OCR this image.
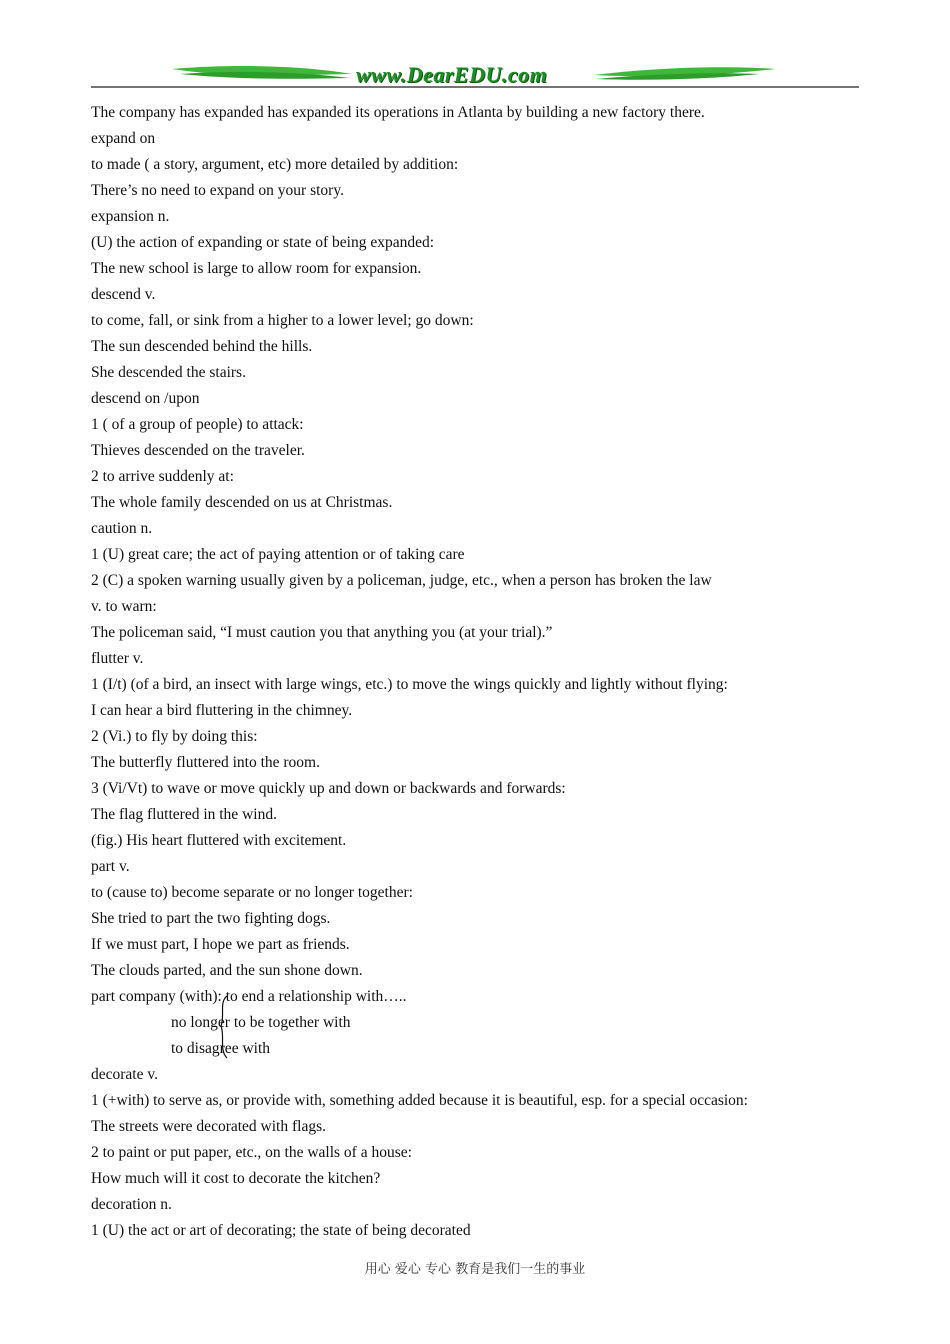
www.DearEDU.com
The company has expanded has expanded its operations in Atlanta by building a new factory there.
expand on
to made ( a story, argument, etc) more detailed by addition:
There’s no need to expand on your story.
expansion n.
(U) the action of expanding or state of being expanded:
The new school is large to allow room for expansion.
descend v.
to come, fall, or sink from a higher to a lower level; go down:
The sun descended behind the hills.
She descended the stairs.
descend on /upon
1 ( of a group of people) to attack:
Thieves descended on the traveler.
2 to arrive suddenly at:
The whole family descended on us at Christmas.
caution n.
1 (U) great care; the act of paying attention or of taking care
2 (C) a spoken warning usually given by a policeman, judge, etc., when a person has broken the law
v. to warn:
The policeman said, “I must caution you that anything you (at your trial).”
flutter v.
1 (I/t) (of a bird, an insect with large wings, etc.) to move the wings quickly and lightly without flying:
I can hear a bird fluttering in the chimney.
2 (Vi.) to fly by doing this:
The butterfly fluttered into the room.
3 (Vi/Vt) to wave or move quickly up and down or backwards and forwards:
The flag fluttered in the wind.
(fig.) His heart fluttered with excitement.
part v.
to (cause to) become separate or no longer together:
She tried to part the two fighting dogs.
If we must part, I hope we part as friends.
The clouds parted, and the sun shone down.
part company (with): to end a relationship with…..
no longer to be together with
to disagree with
decorate v.
1 (+with) to serve as, or provide with, something added because it is beautiful, esp. for a special occasion:
The streets were decorated with flags.
2 to paint or put paper, etc., on the walls of a house:
How much will it cost to decorate the kitchen?
decoration n.
1 (U) the act or art of decorating; the state of being decorated
用心 爱心 专心 教育是我们一生的事业
